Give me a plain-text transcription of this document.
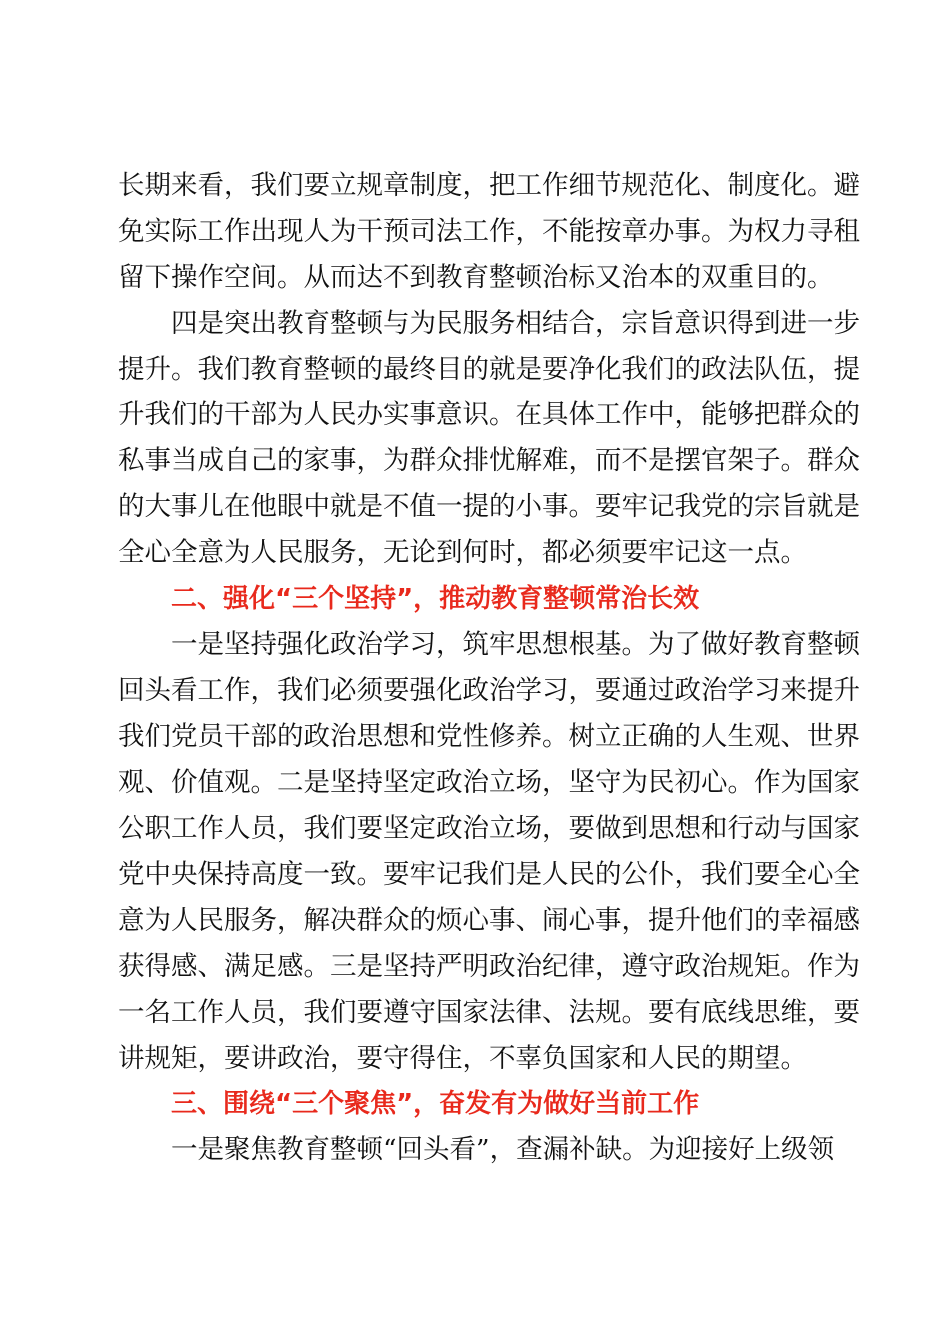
长期来看，我们要立规章制度，把工作细节规范化、制度化。避
免实际工作出现人为干预司法工作，不能按章办事。为权力寻租
留下操作空间。从而达不到教育整顿治标又治本的双重目的。
四是突出教育整顿与为民服务相结合，宗旨意识得到进一步
提升。我们教育整顿的最终目的就是要净化我们的政法队伍，提
升我们的干部为人民办实事意识。在具体工作中，能够把群众的
私事当成自己的家事，为群众排忧解难，而不是摆官架子。群众
的大事儿在他眼中就是不值一提的小事。要牢记我党的宗旨就是
全心全意为人民服务，无论到何时，都必须要牢记这一点。
二、强化“三个坚持”，推动教育整顿常治长效
一是坚持强化政治学习，筑牢思想根基。为了做好教育整顿
回头看工作，我们必须要强化政治学习，要通过政治学习来提升
我们党员干部的政治思想和党性修养。树立正确的人生观、世界
观、价值观。二是坚持坚定政治立场，坚守为民初心。作为国家
公职工作人员，我们要坚定政治立场，要做到思想和行动与国家
党中央保持高度一致。要牢记我们是人民的公仆，我们要全心全
意为人民服务，解决群众的烦心事、闹心事，提升他们的幸福感
获得感、满足感。三是坚持严明政治纪律，遵守政治规矩。作为
一名工作人员，我们要遵守国家法律、法规。要有底线思维，要
讲规矩，要讲政治，要守得住，不辜负国家和人民的期望。
三、围绕“三个聚焦”，奋发有为做好当前工作
一是聚焦教育整顿“回头看”，查漏补缺。为迎接好上级领
